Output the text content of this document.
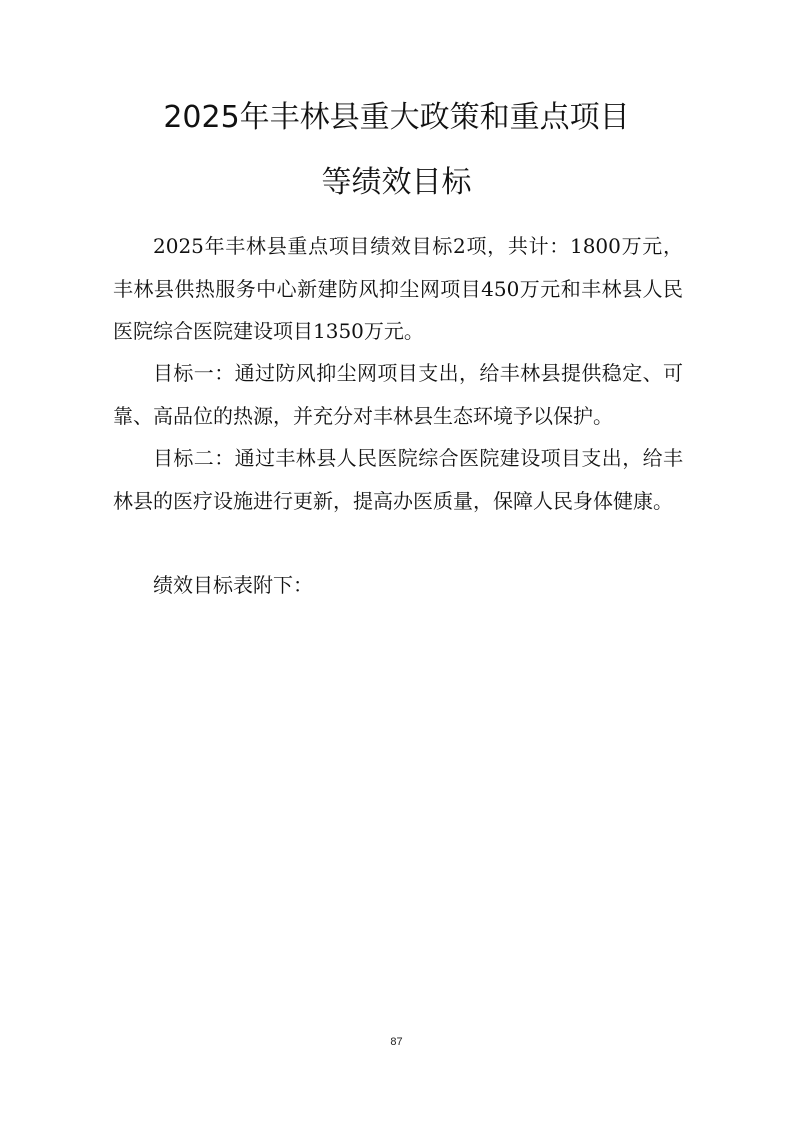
2025年丰林县重大政策和重点项目
等绩效目标

2025年丰林县重点项目绩效目标2项，共计：1800万元，丰林县供热服务中心新建防风抑尘网项目450万元和丰林县人民医院综合医院建设项目1350万元。

目标一：通过防风抑尘网项目支出，给丰林县提供稳定、可靠、高品位的热源，并充分对丰林县生态环境予以保护。

目标二：通过丰林县人民医院综合医院建设项目支出，给丰林县的医疗设施进行更新，提高办医质量，保障人民身体健康。

绩效目标表附下：

87
